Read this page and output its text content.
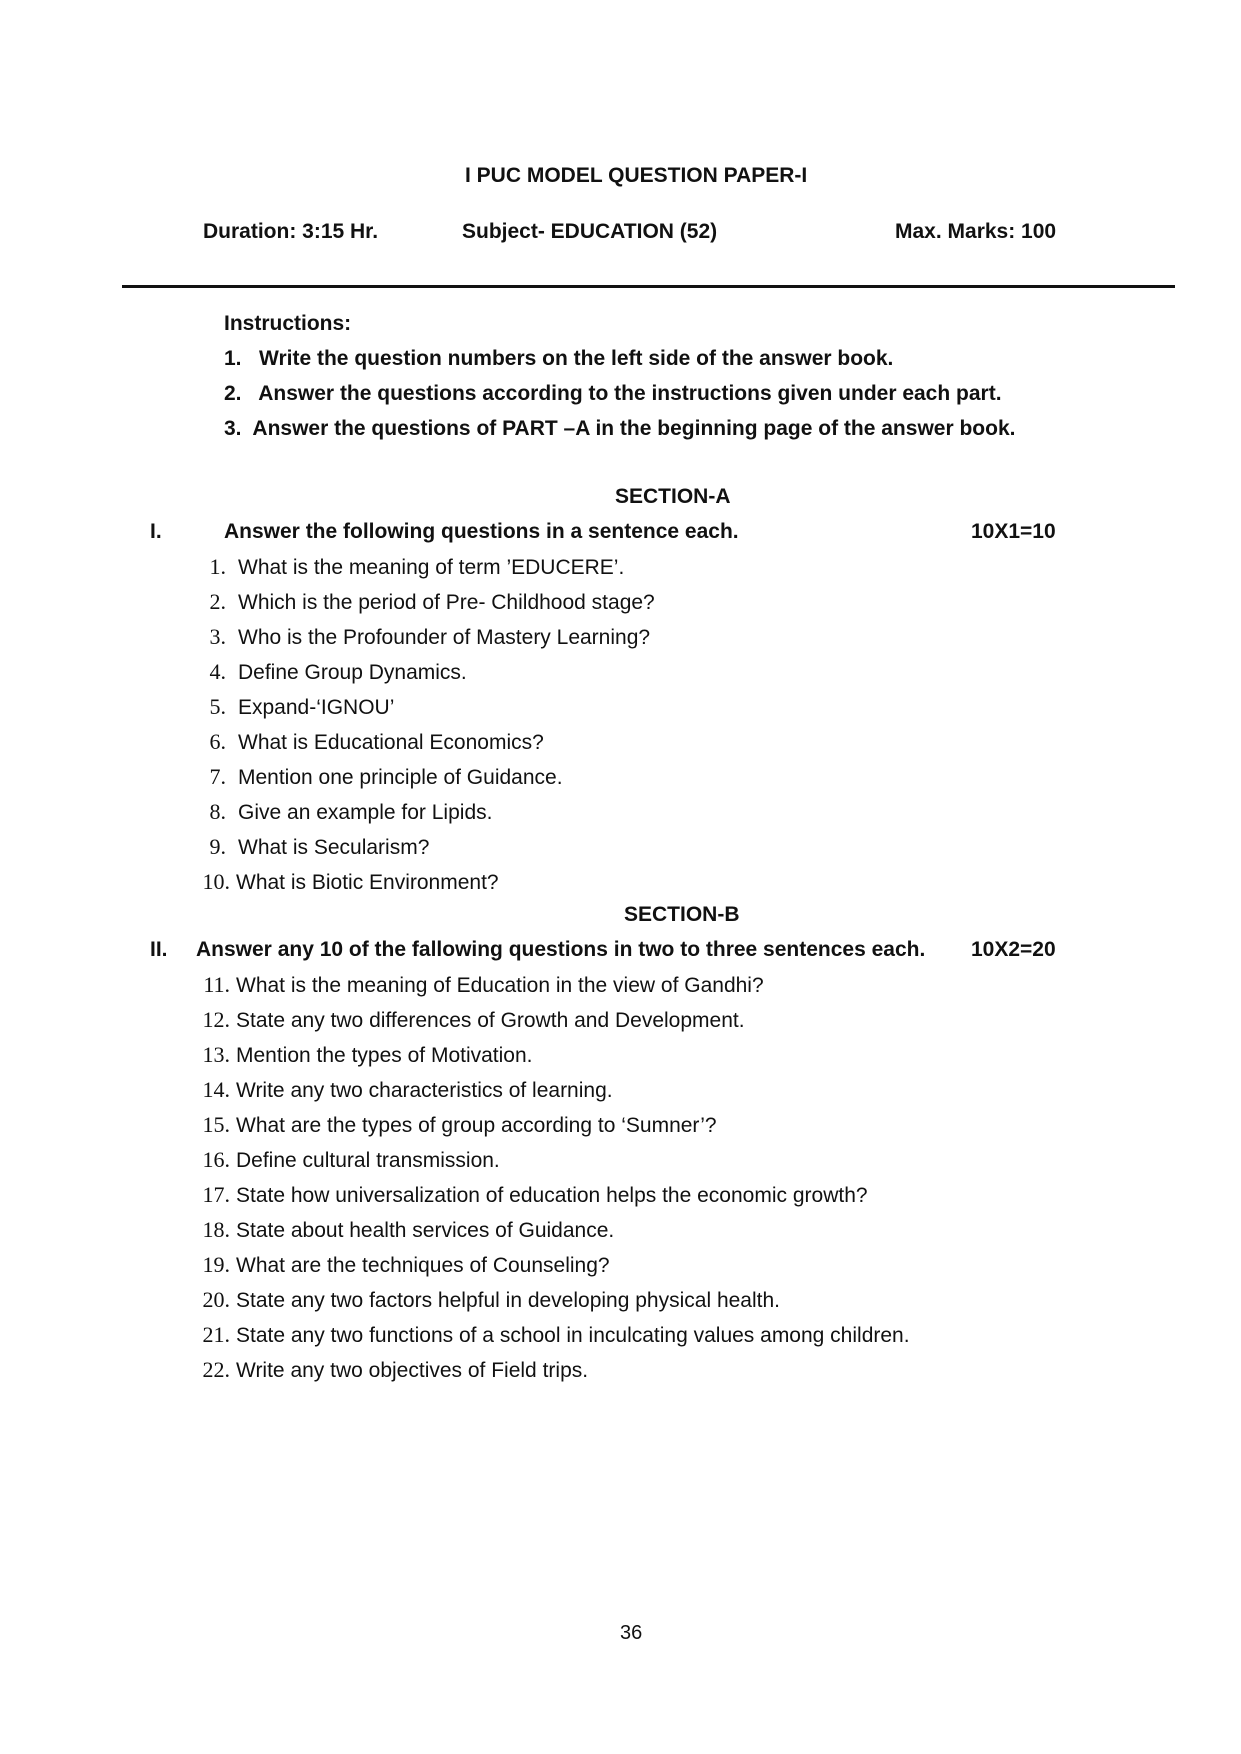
I PUC MODEL QUESTION PAPER-I
Duration: 3:15 Hr.	Subject- EDUCATION (52)	Max. Marks: 100
Instructions:
1. Write the question numbers on the left side of the answer book.
2. Answer the questions according to the instructions given under each part.
3. Answer the questions of PART –A in the beginning page of the answer book.
SECTION-A
I.	Answer the following questions in a sentence each.	10X1=10
1. What is the meaning of term ’EDUCERE’.
2. Which is the period of Pre- Childhood stage?
3. Who is the Profounder of Mastery Learning?
4. Define Group Dynamics.
5. Expand-‘IGNOU’
6. What is Educational Economics?
7. Mention one principle of Guidance.
8. Give an example for Lipids.
9. What is Secularism?
10. What is Biotic Environment?
SECTION-B
II. Answer any 10 of the fallowing questions in two to three sentences each. 10X2=20
11. What is the meaning of Education in the view of Gandhi?
12. State any two differences of Growth and Development.
13. Mention the types of Motivation.
14. Write any two characteristics of learning.
15. What are the types of group according to ‘Sumner’?
16. Define cultural transmission.
17. State how universalization of education helps the economic growth?
18. State about health services of Guidance.
19. What are the techniques of Counseling?
20. State any two factors helpful in developing physical health.
21. State any two functions of a school in inculcating values among children.
22. Write any two objectives of Field trips.
36
